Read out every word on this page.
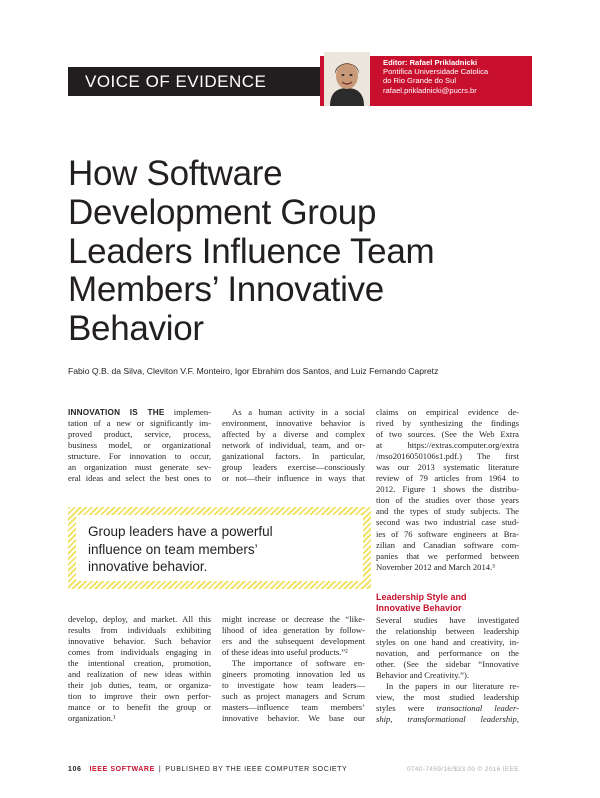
VOICE OF EVIDENCE
Editor: Rafael Prikladnicki
Pontifica Universidade Catolica
do Rio Grande do Sul
rafael.prikladnicki@pucrs.br
How Software
Development Group
Leaders Influence Team
Members’ Innovative
Behavior
Fabio Q.B. da Silva, Cleviton V.F. Monteiro, Igor Ebrahim dos Santos, and Luiz Fernando Capretz
INNOVATION IS THE implemen-
tation of a new or significantly im-
proved product, service, process,
business model, or organizational
structure. For innovation to occur,
an organization must generate sev-
eral ideas and select the best ones to
As a human activity in a social
environment, innovative behavior is
affected by a diverse and complex
network of individual, team, and or-
ganizational factors. In particular,
group leaders exercise—consciously
or not—their influence in ways that
claims on empirical evidence de-
rived by synthesizing the findings
of two sources. (See the Web Extra
at https://extras.computer.org/extra
/mso2016050106s1.pdf.) The first
was our 2013 systematic literature
review of 79 articles from 1964 to
2012. Figure 1 shows the distribu-
tion of the studies over those years
and the types of study subjects. The
second was two industrial case stud-
ies of 76 software engineers at Bra-
zilian and Canadian software com-
panies that we performed between
November 2012 and March 2014.³
Group leaders have a powerful
influence on team members’
innovative behavior.
develop, deploy, and market. All this
results from individuals exhibiting
innovative behavior. Such behavior
comes from individuals engaging in
the intentional creation, promotion,
and realization of new ideas within
their job duties, team, or organiza-
tion to improve their own perfor-
mance or to benefit the group or
organization.¹
might increase or decrease the “like-
lihood of idea generation by follow-
ers and the subsequent development
of these ideas into useful products.”²
The importance of software en-
gineers promoting innovation led us
to investigate how team leaders—
such as project managers and Scrum
masters—influence team members’
innovative behavior. We base our
Leadership Style and
Innovative Behavior
Several studies have investigated
the relationship between leadership
styles on one hand and creativity, in-
novation, and performance on the
other. (See the sidebar “Innovative
Behavior and Creativity.”).
In the papers in our literature re-
view, the most studied leadership
styles were transactional leader-
ship, transformational leadership,
106 IEEE SOFTWARE | PUBLISHED BY THE IEEE COMPUTER SOCIETY	0740-7459/16/$33.00 © 2016 IEEE
